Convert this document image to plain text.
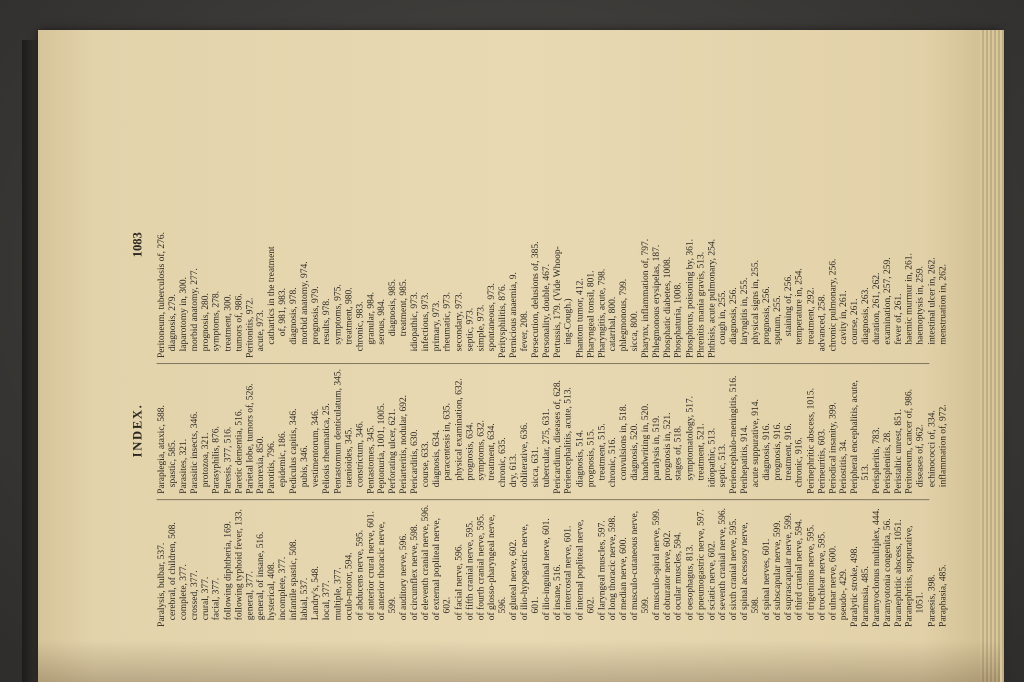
INDEX.
1083
Paralysis, bulbar, 537. cerebral, of children, 508. complete, 377. crossed, 377. crural, 377. facial, 377. following diphtheria, 169. following typhoid fever, 133. general, 377. general, of insane, 516. hysterical, 408. incomplete, 377. infantile spastic, 508. labial, 537. Landry's, 548. local, 377. multiple, 377. oculo-motor, 594. of abducens nerve, 595. of anterior crural nerve, 601. of anterior thoracic nerve, 599. of auditory nerve, 596. of circumflex nerve, 598. of eleventh cranial nerve, 596. of external popliteal nerve, 602. of facial nerve, 596. of fifth cranial nerve, 595. of fourth cranial nerve, 595. of glosso-pharyngeal nerve, 596. of gluteal nerve, 602. of ilio-hypogastric nerve, 601. of ilio-inguinal nerve, 601. of insane, 516. of intercostal nerve, 601. of internal popliteal nerve, 602. of laryngeal muscles, 597. of long thoracic nerve, 598. of median nerve, 600. of musculo-cutaneous nerve, 599. of musculo-spiral nerve, 599. of obturator nerve, 602. of ocular muscles, 594. of oesophagus, 813. of pneumogastric nerve, 597. of sciatic nerve, 602. of seventh cranial nerve, 596. of sixth cranial nerve, 595. of spinal accessory nerve, 598. of spinal nerves, 601. of subscapular nerve, 599. of suprascapular nerve, 599. of third cranial nerve, 594. of trigeminus nerve, 595. of trochlear nerve, 595. of ulnar nerve, 600. pseudo-, 429. Paralytic stroke, 498. Paramusia, 485. Paramyoclonus multiplex, 444. Paramyotonia congenita, 56. Paranephritic abscess, 1051. Paranephritis, suppurative, 1051. Paraesis, 398. Paraphasia, 485.
Paraplegia, ataxic, 588. spastic, 585. Parasites, 321. Parasitic insects, 346. protozoa, 321. Parasyphilis, 876. Paresis, 377, 516. Paretic dementia, 516. Parietal lobe, tumors of, 526. Parorexia, 850. Parotitis, 796. epidemic, 186. Pediculus capitis, 346. pubis, 346. vestimentorum, 346. Peliosis rheumatica, 25. Pentastomum denticulatum, 345. taenioides, 345. constrictum, 346. Pentastomes, 345. Peptonuria, 1001, 1005. Perforating ulcer, 621. Periarteritis, nodular, 692. Pericarditis, 630. course, 633. diagnosis, 634. paracentesis in, 635. physical examination, 632. prognosis, 634. symptoms, 632. treatment, 634. chronic, 635. dry, 613. obliterative, 636. sicca, 631. tubercular, 275, 631. Pericardium, diseases of, 628. Periencephalitis, acute, 513. diagnosis, 514. prognosis, 515. treatment, 515. chronic, 516. convulsions in, 518. diagnosis, 520. handwriting in, 520. paralysis in, 519. prognosis in, 521. stages of, 518. symptomatology, 517. treatment, 521. idiopathic, 513. septic, 513. Periencephalo-meningitis, 516. Perihepatitis, 914. acute suppurative, 914. diagnosis, 916. prognosis, 916. treatment, 916. chronic, 916. Perinephritic abscess, 1015. Perineuritis, 603. Periodical insanity, 399. Periostitis, 34. Peripheral encephalitis, acute, 513. Perispleritis, 783. Perisplenitis, 28. Peristaltic unrest, 851. Peritoneum, cancer of, 986. diseases of, 962. echinococci of, 334. inflammation of, 972.
Peritoneum, tuberculosis of, 276. diagnosis, 279. laparotomy in, 300. morbid anatomy, 277. prognosis, 280. symptoms, 278. treatment, 300. tumors of, 986. Peritonitis, 972. acute, 973. cathartics in the treatment of, 981, 983. diagnosis, 978. morbid anatomy, 974. prognosis, 979. results, 978. symptoms, 975. treatment, 980. chronic, 983. granular, 984. serous, 984. diagnosis, 985. treatment, 985. idiopathic, 973. infectious, 973. primary, 973. rheumatic, 973. secondary, 973. septic, 973. simple, 973. spontaneous, 973. Peritysphilitis, 876. Pernicious anaemia, 9. fever, 208. Persecution, delusions of, 385. Personality, double, 467. Pertussis, 179. (Vide Whoop- ing-Cough.) Phantom tumor, 412. Pharyngeal tonsil, 801. Pharyngitis, acute, 798. catarrhal, 800. phlegmonous, 799. sicca, 800. Pharynx, inflammation of, 797. Phlegmonous erysipelas, 187. Phosphatic diabetes, 1008. Phosphaturia, 1008. Phosphorus, poisoning by, 361. Phrenitis mania gravis, 513. Phthisis, acute pulmonary, 254. cough in, 255. diagnosis, 256. laryngitis in, 255. physical signs in, 255. prognosis, 256. sputum, 255. staining of, 256. temperature in, 254. treatment, 292. advanced, 258. chronic pulmonary, 256. cavity in, 261. course, 261. diagnosis, 263. duration, 261, 262. examination, 257, 259. fever of, 261. haemic murmur in, 261. haemoptysis in, 259. intestinal ulcer in, 262. menstruation in, 262.
